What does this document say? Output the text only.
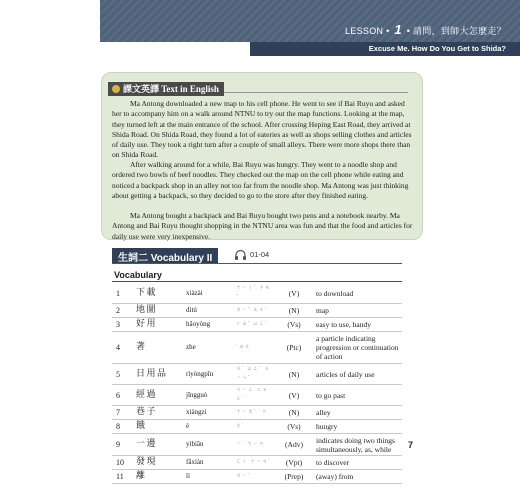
LESSON • 1 • 請問，到師大怎麼走？
Excuse Me. How Do You Get to Shida?
課文英譯 Text in English

Ma Antong downloaded a new map to his cell phone. He went to see if Bai Ruyu and asked her to accompany him on a walk around NTNU to try out the map functions. Looking at the map, they turned left at the main entrance of the school. After crossing Heping East Road, they arrived at Shida Road. On Shida Road, they found a lot of eateries as well as shops selling clothes and articles of daily use. They took a right turn after a couple of small alleys. There were more shops there than on Shida Road.

After walking around for a while, Bai Ruyu was hungry. They went to a noodle shop and ordered two bowls of beef noodles. They checked out the map on the cell phone while eating and noticed a backpack shop in an alley not too far from the noodle shop. Ma Antong was just thinking about getting a backpack, so they decided to go to the store after they finished eating.

Ma Antong bought a backpack and Bai Ruyu bought two pens and a notebook nearby. Ma Antong and Bai Ruyu thought shopping in the NTNU area was fun and that the food and articles for daily use were very inexpensive.

生詞二 Vocabulary II	01-04
Vocabulary
1	下載	xiàzài	ㄒㄧㄚˋ ㄗㄞˇ	(V)	to download
2	地圖	dìtú	ㄉㄧˋ ㄊㄨˊ	(N)	map
3	好用	hǎoyòng	ㄏㄠˇ ㄩㄥˋ	(Vs)	easy to use, handy
4	著	zhe	˙ㄓㄜ	(Ptc)	a particle indicating progression or continuation of action
5	日用品	rìyòngpǐn	ㄖˋ ㄩㄥˋ ㄆㄧㄣˇ	(N)	articles of daily use
6	經過	jīngguò	ㄐㄧㄥ ㄍㄨㄛˋ	(V)	to go past
7	巷子	xiàngzi	ㄒㄧㄤˋ ˙ㄗ	(N)	alley
8	餓	è	ㄜˋ	(Vs)	hungry
9	一邊	yìbiān	ㄧˋ ㄅㄧㄢ	(Adv)	indicates doing two things simultaneously, as, while
10	發現	fāxiàn	ㄈㄚ ㄒㄧㄢˋ	(Vpt)	to discover
11	離	lí	ㄌㄧˊ	(Prep)	(away) from
7
